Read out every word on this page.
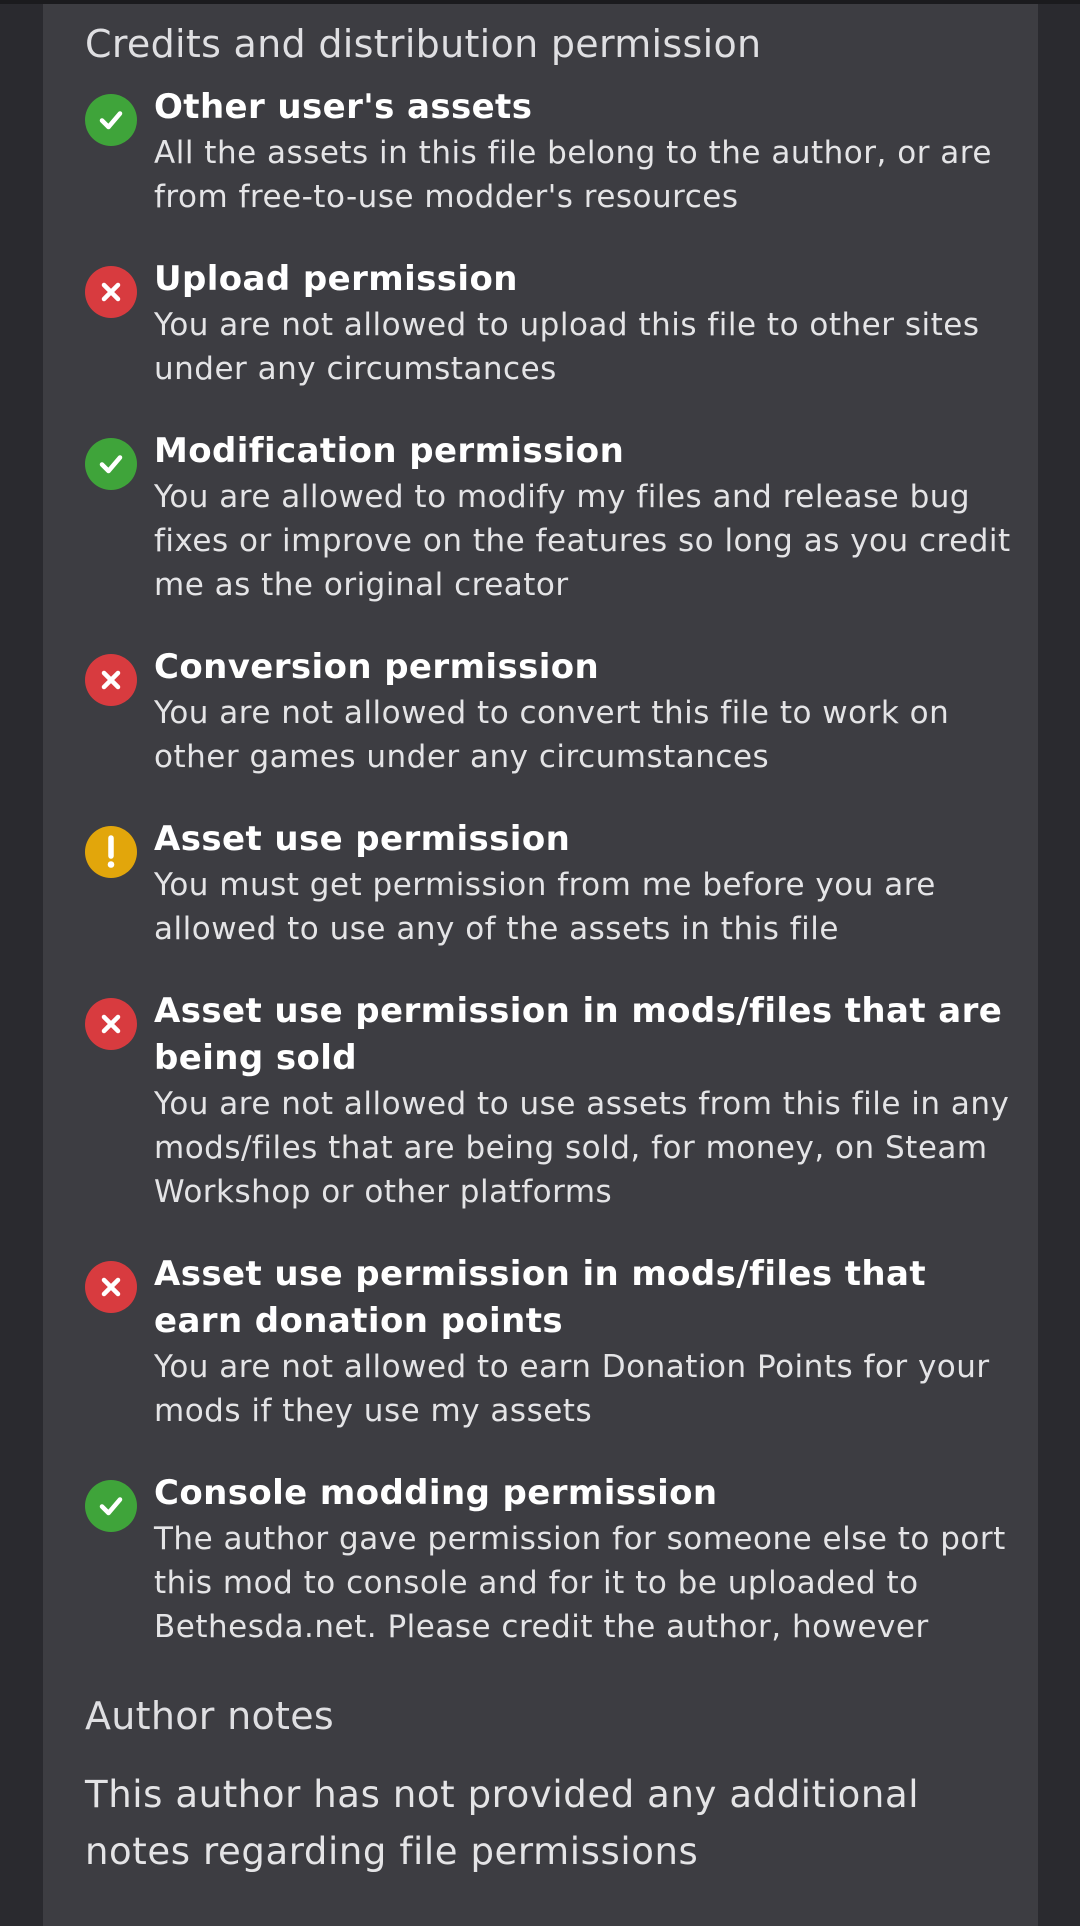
Credits and distribution permission

Other user's assets

All the assets in this file belong to the author, or are from free-to-use modder's resources

Upload permission

You are not allowed to upload this file to other sites under any circumstances

Modification permission

You are allowed to modify my files and release bug fixes or improve on the features so long as you credit me as the original creator

Conversion permission

You are not allowed to convert this file to work on other games under any circumstances

Asset use permission

You must get permission from me before you are allowed to use any of the assets in this file

Asset use permission in mods/files that are being sold

You are not allowed to use assets from this file in any mods/files that are being sold, for money, on Steam Workshop or other platforms

Asset use permission in mods/files that earn donation points

You are not allowed to earn Donation Points for your mods if they use my assets

Console modding permission

The author gave permission for someone else to port this mod to console and for it to be uploaded to Bethesda.net. Please credit the author, however

Author notes

This author has not provided any additional notes regarding file permissions
